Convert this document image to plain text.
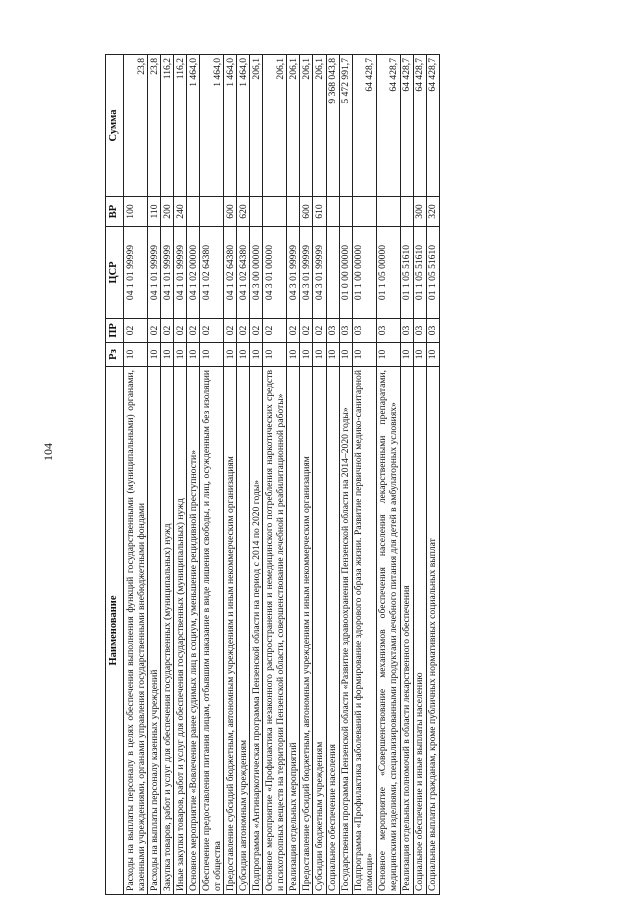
104
Наименование	Рз	ПР	ЦСР	ВР	Сумма
Расходы на выплаты персоналу в целях обеспечения выполнения функций государственными (муниципальными) органами, казенными учреждениями, органами управления государственными внебюджетными фондами	10	02	04 1 01 99999	100	23,8
Расходы на выплаты персоналу казенных учреждений	10	02	04 1 01 99999	110	23,8
Закупка товаров, работ и услуг для обеспечения государственных (муниципальных) нужд	10	02	04 1 01 99999	200	116,2
Иные закупки товаров, работ и услуг для обеспечения государственных (муниципальных) нужд	10	02	04 1 01 99999	240	116,2
Основное мероприятие «Вовлечение ранее судимых лиц в социум, уменьшение рецидивной преступности»	10	02	04 1 02 00000		1 464,0
Обеспечение предоставления питания лицам, отбывшим наказание в виде лишения свободы, и лиц, осужденным без изоляции от общества	10	02	04 1 02 64380		1 464,0
Предоставление субсидий бюджетным, автономным учреждениям и иным некоммерческим организациям	10	02	04 1 02 64380	600	1 464,0
Субсидии автономным учреждениям	10	02	04 1 02 64380	620	1 464,0
Подпрограмма «Антинаркотическая программа Пензенской области на период с 2014 по 2020 годы»	10	02	04 3 00 00000		206,1
Основное мероприятие «Профилактика незаконного распространения и немедицинского потребления наркотических средств и психотропных веществ на территории Пензенской области, совершенствование лечебной и реабилитационной работы»	10	02	04 3 01 00000		206,1
Реализация отдельных мероприятий	10	02	04 3 01 99999		206,1
Предоставление субсидий бюджетным, автономным учреждениям и иным некоммерческим организациям	10	02	04 3 01 99999	600	206,1
Субсидии бюджетным учреждениям	10	02	04 3 01 99999	610	206,1
Социальное обеспечение населения	10	03			9 368 043,8
Государственная программа Пензенской области «Развитие здравоохранения Пензенской области на 2014–2020 годы»	10	03	01 0 00 00000		5 472 991,7
Подпрограмма «Профилактика заболеваний и формирование здорового образа жизни. Развитие первичной медико-санитарной помощи»	10	03	01 1 00 00000		64 428,7
Основное мероприятие «Совершенствование механизмов обеспечения населения лекарственными препаратами, медицинскими изделиями, специализированными продуктами лечебного питания для детей в амбулаторных условиях»	10	03	01 1 05 00000		64 428,7
Реализация отдельных полномочий в области лекарственного обеспечения	10	03	01 1 05 51610		64 428,7
Социальное обеспечение и иные выплаты населению	10	03	01 1 05 51610	300	64 428,7
Социальные выплаты гражданам, кроме публичных нормативных социальных выплат	10	03	01 1 05 51610	320	64 428,7
